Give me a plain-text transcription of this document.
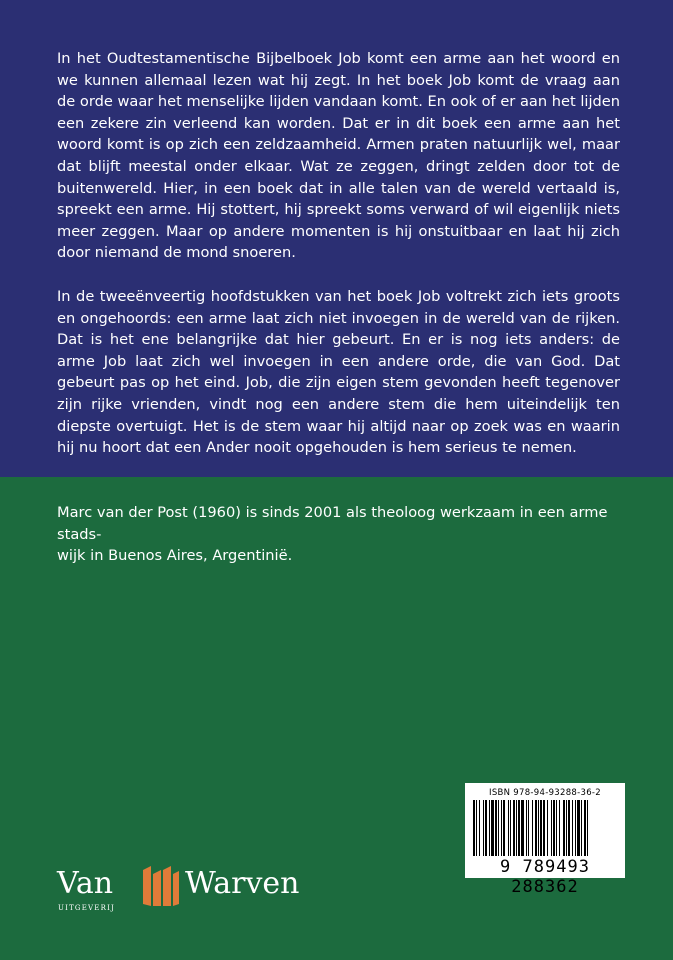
In het Oudtestamentische Bijbelboek Job komt een arme aan het woord en we kunnen allemaal lezen wat hij zegt. In het boek Job komt de vraag aan de orde waar het menselijke lijden vandaan komt. En ook of er aan het lijden een zekere zin verleend kan worden. Dat er in dit boek een arme aan het woord komt is op zich een zeldzaamheid. Armen praten natuurlijk wel, maar dat blijft meestal onder elkaar. Wat ze zeggen, dringt zelden door tot de buitenwereld. Hier, in een boek dat in alle talen van de wereld vertaald is, spreekt een arme. Hij stottert, hij spreekt soms verward of wil eigenlijk niets meer zeggen. Maar op andere momenten is hij onstuitbaar en laat hij zich door niemand de mond snoeren.

In de tweeënveertig hoofdstukken van het boek Job voltrekt zich iets groots en ongehoords: een arme laat zich niet invoegen in de wereld van de rijken. Dat is het ene belangrijke dat hier gebeurt. En er is nog iets anders: de arme Job laat zich wel invoegen in een andere orde, die van God. Dat gebeurt pas op het eind. Job, die zijn eigen stem gevonden heeft tegenover zijn rijke vrienden, vindt nog een andere stem die hem uiteindelijk ten diepste overtuigt. Het is de stem waar hij altijd naar op zoek was en waarin hij nu hoort dat een Ander nooit opgehouden is hem serieus te nemen.

Marc van der Post (1960) is sinds 2001 als theoloog werkzaam in een arme stads-
wijk in Buenos Aires, Argentinië.
ISBN 978-94-93288-36-2
9 789493 288362
Van Warven
UITGEVERIJ
